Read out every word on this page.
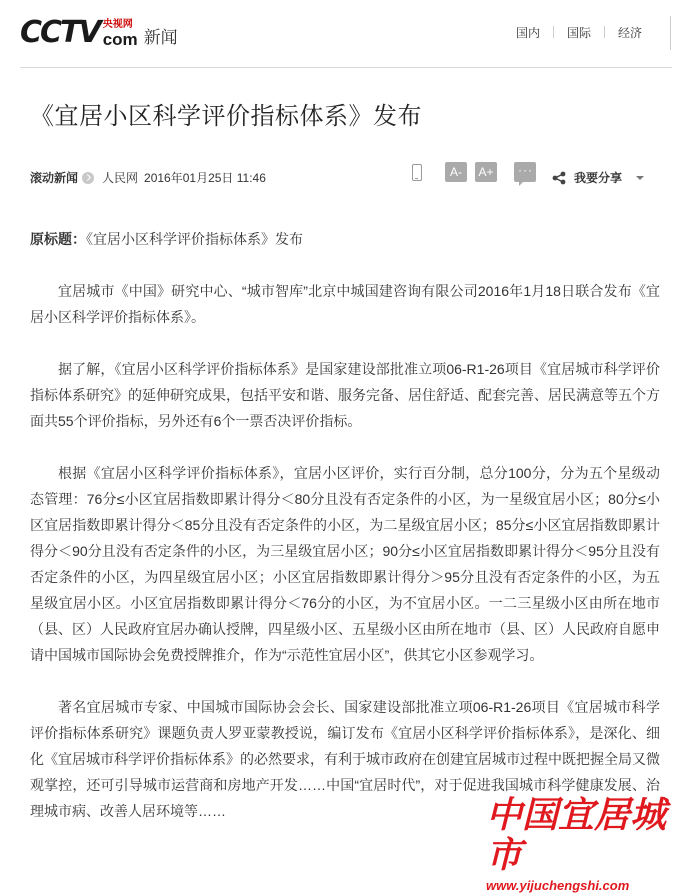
CCTV 央视网
com 新闻	国内 国际 经济
《宜居小区科学评价指标体系》发布
滚动新闻 人民网 2016年01月25日 11:46	A-	A+
···	我要分享

原标题：《宜居小区科学评价指标体系》发布

宜居城市《中国》研究中心、“城市智库”北京中城国建咨询有限公司2016年1月18日联合发布《宜居小区科学评价指标体系》。

据了解，《宜居小区科学评价指标体系》是国家建设部批准立项06-R1-26项目《宜居城市科学评价指标体系研究》的延伸研究成果，包括平安和谐、服务完备、居住舒适、配套完善、居民满意等五个方面共55个评价指标，另外还有6个一票否决评价指标。

根据《宜居小区科学评价指标体系》，宜居小区评价，实行百分制，总分100分，分为五个星级动态管理：76分≤小区宜居指数即累计得分＜80分且没有否定条件的小区，为一星级宜居小区；80分≤小区宜居指数即累计得分＜85分且没有否定条件的小区，为二星级宜居小区；85分≤小区宜居指数即累计得分＜90分且没有否定条件的小区，为三星级宜居小区；90分≤小区宜居指数即累计得分＜95分且没有否定条件的小区，为四星级宜居小区；小区宜居指数即累计得分＞95分且没有否定条件的小区，为五星级宜居小区。小区宜居指数即累计得分＜76分的小区，为不宜居小区。一二三星级小区由所在地市（县、区）人民政府宜居办确认授牌，四星级小区、五星级小区由所在地市（县、区）人民政府自愿申请中国城市国际协会免费授牌推介，作为“示范性宜居小区”，供其它小区参观学习。

著名宜居城市专家、中国城市国际协会会长、国家建设部批准立项06-R1-26项目《宜居城市科学评价指标体系研究》课题负责人罗亚蒙教授说，编订发布《宜居小区科学评价指标体系》，是深化、细化《宜居城市科学评价指标体系》的必然要求，有利于城市政府在创建宜居城市过程中既把握全局又微观掌控，还可引导城市运营商和房地产开发……中国“宜居时代”，对于促进我国城市科学健康发展、治理城市病、改善人居环境等……	中国宜居城市
www.yijuchengshi.com
